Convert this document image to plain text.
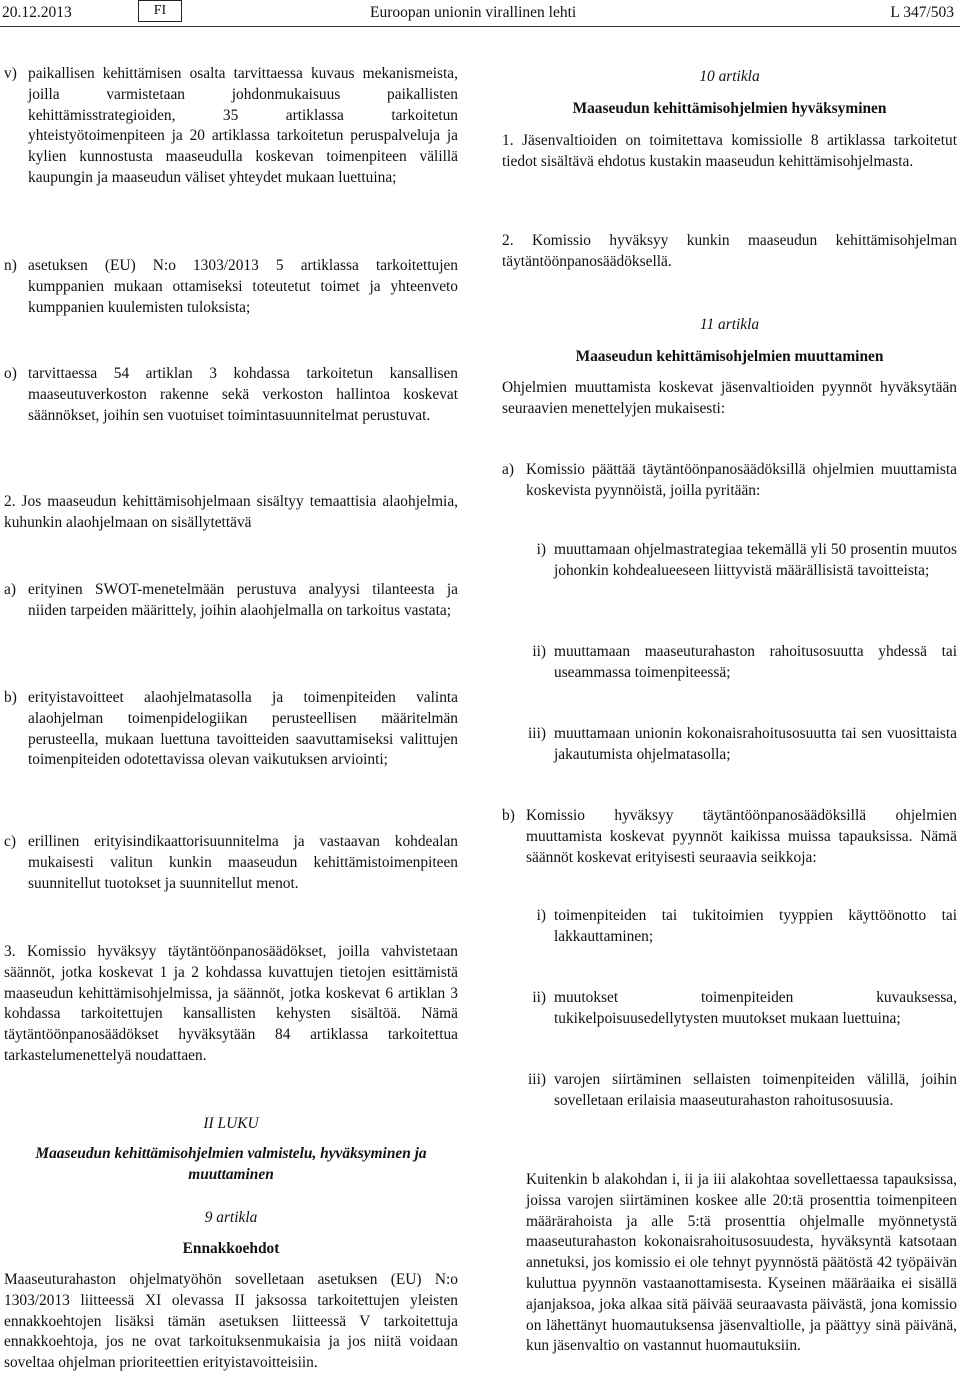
20.12.2013	FI	Euroopan unionin virallinen lehti	L 347/503
v) paikallisen kehittämisen osalta tarvittaessa kuvaus mekanismeista, joilla varmistetaan johdonmukaisuus paikallisten kehittämisstrategioiden, 35 artiklassa tarkoitetun yhteistyötoimenpiteen ja 20 artiklassa tarkoitetun peruspalveluja ja kylien kunnostusta maaseudulla koskevan toimenpiteen välillä kaupungin ja maaseudun väliset yhteydet mukaan luettuina;
n) asetuksen (EU) N:o 1303/2013 5 artiklassa tarkoitettujen kumppanien mukaan ottamiseksi toteutetut toimet ja yhteenveto kumppanien kuulemisten tuloksista;
o) tarvittaessa 54 artiklan 3 kohdassa tarkoitetun kansallisen maaseutuverkoston rakenne sekä verkoston hallintoa koskevat säännökset, joihin sen vuotuiset toimintasuunnitelmat perustuvat.
2. Jos maaseudun kehittämisohjelmaan sisältyy temaattisia alaohjelmia, kuhunkin alaohjelmaan on sisällytettävä
a) erityinen SWOT-menetelmään perustuva analyysi tilanteesta ja niiden tarpeiden määrittely, joihin alaohjelmalla on tarkoitus vastata;
b) erityistavoitteet alaohjelmatasolla ja toimenpiteiden valinta alaohjelman toimenpidelogiikan perusteellisen määritelmän perusteella, mukaan luettuna tavoitteiden saavuttamiseksi valittujen toimenpiteiden odotettavissa olevan vaikutuksen arviointi;
c) erillinen erityisindikaattorisuunnitelma ja vastaavan kohdealan mukaisesti valitun kunkin maaseudun kehittämistoimenpiteen suunnitellut tuotokset ja suunnitellut menot.
3. Komissio hyväksyy täytäntöönpanosäädökset, joilla vahvistetaan säännöt, jotka koskevat 1 ja 2 kohdassa kuvattujen tietojen esittämistä maaseudun kehittämisohjelmissa, ja säännöt, jotka koskevat 6 artiklan 3 kohdassa tarkoitettujen kansallisten kehysten sisältöä. Nämä täytäntöönpanosäädökset hyväksytään 84 artiklassa tarkoitettua tarkastelumenettelyä noudattaen.
II LUKU
Maaseudun kehittämisohjelmien valmistelu, hyväksyminen ja muuttaminen
9 artikla
Ennakkoehdot
Maaseuturahaston ohjelmatyöhön sovelletaan asetuksen (EU) N:o 1303/2013 liitteessä XI olevassa II jaksossa tarkoitettujen yleisten ennakkoehtojen lisäksi tämän asetuksen liitteessä V tarkoitettuja ennakkoehtoja, jos ne ovat tarkoituksenmukaisia ja jos niitä voidaan soveltaa ohjelman prioriteettien erityistavoitteisiin.
10 artikla
Maaseudun kehittämisohjelmien hyväksyminen
1. Jäsenvaltioiden on toimitettava komissiolle 8 artiklassa tarkoitetut tiedot sisältävä ehdotus kustakin maaseudun kehittämisohjelmasta.
2. Komissio hyväksyy kunkin maaseudun kehittämisohjelman täytäntöönpanosäädöksellä.
11 artikla
Maaseudun kehittämisohjelmien muuttaminen
Ohjelmien muuttamista koskevat jäsenvaltioiden pyynnöt hyväksytään seuraavien menettelyjen mukaisesti:
a) Komissio päättää täytäntöönpanosäädöksillä ohjelmien muuttamista koskevista pyynnöistä, joilla pyritään:
i) muuttamaan ohjelmastrategiaa tekemällä yli 50 prosentin muutos johonkin kohdealueeseen liittyvistä määrällisistä tavoitteista;
ii) muuttamaan maaseuturahaston rahoitusosuutta yhdessä tai useammassa toimenpiteessä;
iii) muuttamaan unionin kokonaisrahoitusosuutta tai sen vuosittaista jakautumista ohjelmatasolla;
b) Komissio hyväksyy täytäntöönpanosäädöksillä ohjelmien muuttamista koskevat pyynnöt kaikissa muissa tapauksissa. Nämä säännöt koskevat erityisesti seuraavia seikkoja:
i) toimenpiteiden tai tukitoimien tyyppien käyttöönotto tai lakkauttaminen;
ii) muutokset toimenpiteiden kuvauksessa, tukikelpoisuusedellytysten muutokset mukaan luettuina;
iii) varojen siirtäminen sellaisten toimenpiteiden välillä, joihin sovelletaan erilaisia maaseuturahaston rahoitusosuusia.
Kuitenkin b alakohdan i, ii ja iii alakohtaa sovellettaessa tapauksissa, joissa varojen siirtäminen koskee alle 20:tä prosenttia toimenpiteen määrärahoista ja alle 5:tä prosenttia ohjelmalle myönnetystä maaseuturahaston kokonaisrahoitusosuudesta, hyväksyntä katsotaan annetuksi, jos komissio ei ole tehnyt pyynnöstä päätöstä 42 työpäivän kuluttua pyynnön vastaanottamisesta. Kyseinen määräaika ei sisällä ajanjaksoa, joka alkaa sitä päivää seuraavasta päivästä, jona komissio on lähettänyt huomautuksensa jäsenvaltiolle, ja päättyy sinä päivänä, kun jäsenvaltio on vastannut huomautuksiin.
